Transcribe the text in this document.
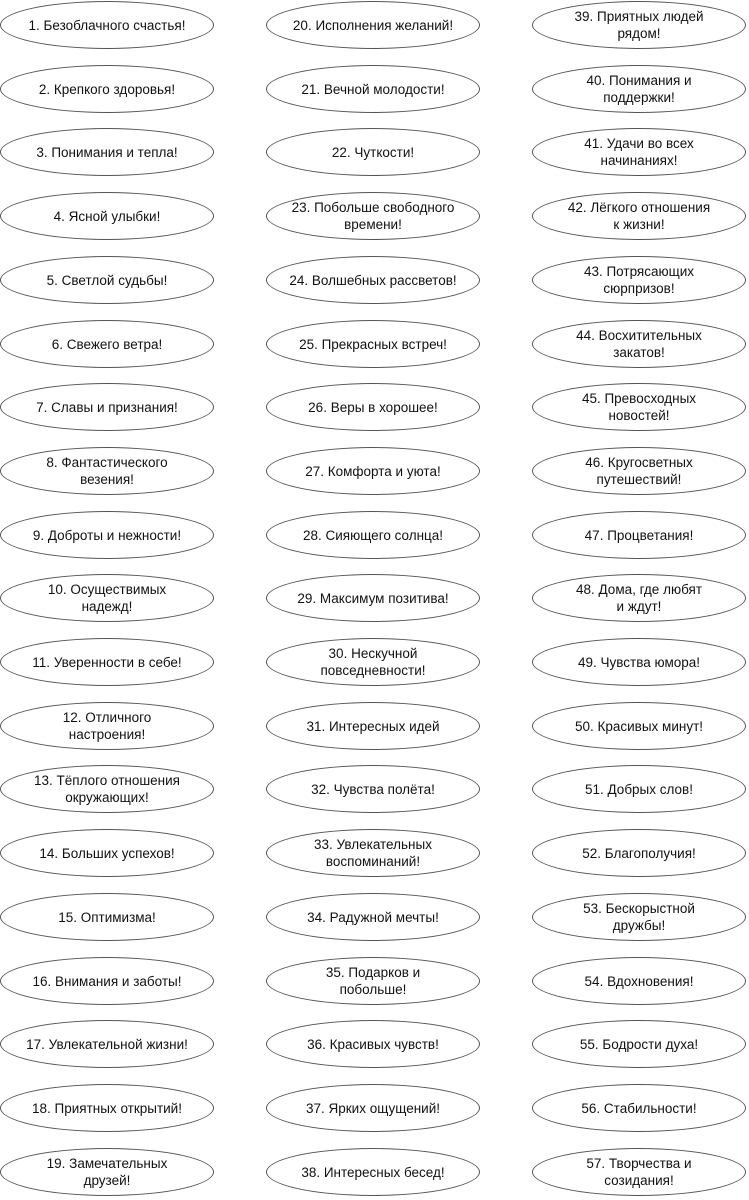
1. Безоблачного счастья!
2. Крепкого здоровья!
3. Понимания и тепла!
4. Ясной улыбки!
5. Светлой судьбы!
6. Свежего ветра!
7. Славы и признания!
8. Фантастического
везения!
9. Доброты и нежности!
10. Осуществимых
надежд!
11. Уверенности в себе!
12. Отличного
настроения!
13. Тёплого отношения
окружающих!
14. Больших успехов!
15. Оптимизма!
16. Внимания и заботы!
17. Увлекательной жизни!
18. Приятных открытий!
19. Замечательных
друзей!
20. Исполнения желаний!
21. Вечной молодости!
22. Чуткости!
23. Побольше свободного
времени!
24. Волшебных рассветов!
25. Прекрасных встреч!
26. Веры в хорошее!
27. Комфорта и уюта!
28. Сияющего солнца!
29. Максимум позитива!
30. Нескучной
повседневности!
31. Интересных идей
32. Чувства полёта!
33. Увлекательных
воспоминаний!
34. Радужной мечты!
35. Подарков и
побольше!
36. Красивых чувств!
37. Ярких ощущений!
38. Интересных бесед!
39. Приятных людей
рядом!
40. Понимания и
поддержки!
41. Удачи во всех
начинаниях!
42. Лёгкого отношения
к жизни!
43. Потрясающих
сюрпризов!
44. Восхитительных
закатов!
45. Превосходных
новостей!
46. Кругосветных
путешествий!
47. Процветания!
48. Дома, где любят
и ждут!
49. Чувства юмора!
50. Красивых минут!
51. Добрых слов!
52. Благополучия!
53. Бескорыстной
дружбы!
54. Вдохновения!
55. Бодрости духа!
56. Стабильности!
57. Творчества и
созидания!
